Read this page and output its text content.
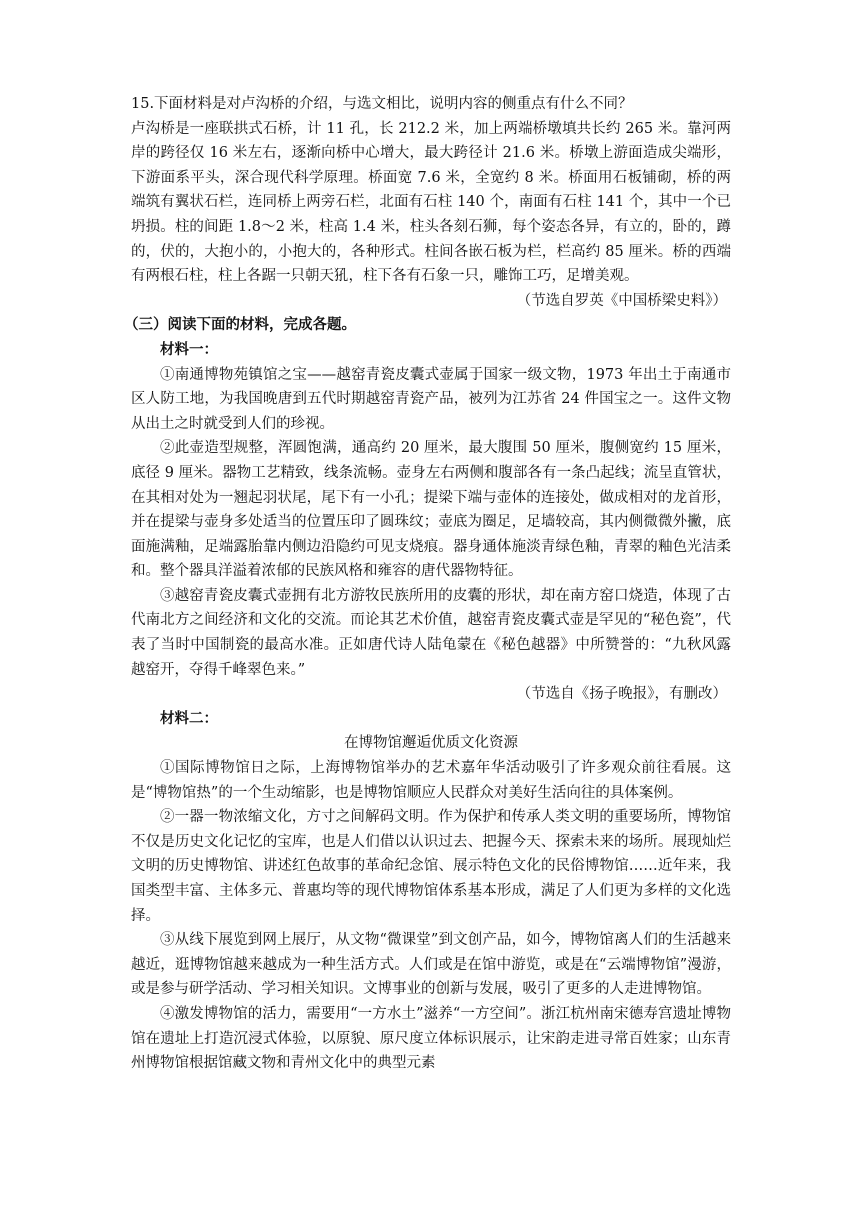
15.下面材料是对卢沟桥的介绍，与选文相比，说明内容的侧重点有什么不同？

卢沟桥是一座联拱式石桥，计 11 孔，长 212.2 米，加上两端桥墩填共长约 265 米。靠河两岸的跨径仅 16 米左右，逐渐向桥中心增大，最大跨径计 21.6 米。桥墩上游面造成尖端形，下游面系平头，深合现代科学原理。桥面宽 7.6 米，全宽约 8 米。桥面用石板铺砌，桥的两端筑有翼状石栏，连同桥上两旁石栏，北面有石柱 140 个，南面有石柱 141 个，其中一个已坍损。柱的间距 1.8～2 米，柱高 1.4 米，柱头各刻石狮，每个姿态各异，有立的，卧的，蹲的，伏的，大抱小的，小抱大的，各种形式。柱间各嵌石板为栏，栏高约 85 厘米。桥的西端有两根石柱，柱上各踞一只朝天犼，柱下各有石象一只，雕饰工巧，足增美观。

（节选自罗英《中国桥梁史料》）

（三）阅读下面的材料，完成各题。

材料一：

①南通博物苑镇馆之宝——越窑青瓷皮囊式壶属于国家一级文物，1973 年出土于南通市区人防工地，为我国晚唐到五代时期越窑青瓷产品，被列为江苏省 24 件国宝之一。这件文物从出土之时就受到人们的珍视。

②此壶造型规整，浑圆饱满，通高约 20 厘米，最大腹围 50 厘米，腹侧宽约 15 厘米，底径 9 厘米。器物工艺精致，线条流畅。壶身左右两侧和腹部各有一条凸起线；流呈直管状，在其相对处为一翘起羽状尾，尾下有一小孔；提梁下端与壶体的连接处，做成相对的龙首形，并在提梁与壶身多处适当的位置压印了圆珠纹；壶底为圈足，足墙较高，其内侧微微外撇，底面施满釉，足端露胎靠内侧边沿隐约可见支烧痕。器身通体施淡青绿色釉，青翠的釉色光洁柔和。整个器具洋溢着浓郁的民族风格和雍容的唐代器物特征。

③越窑青瓷皮囊式壶拥有北方游牧民族所用的皮囊的形状，却在南方窑口烧造，体现了古代南北方之间经济和文化的交流。而论其艺术价值，越窑青瓷皮囊式壶是罕见的“秘色瓷”，代表了当时中国制瓷的最高水准。正如唐代诗人陆龟蒙在《秘色越器》中所赞誉的：“九秋风露越窑开，夺得千峰翠色来。”

（节选自《扬子晚报》，有删改）

材料二：

在博物馆邂逅优质文化资源

①国际博物馆日之际，上海博物馆举办的艺术嘉年华活动吸引了许多观众前往看展。这是“博物馆热”的一个生动缩影，也是博物馆顺应人民群众对美好生活向往的具体案例。

②一器一物浓缩文化，方寸之间解码文明。作为保护和传承人类文明的重要场所，博物馆不仅是历史文化记忆的宝库，也是人们借以认识过去、把握今天、探索未来的场所。展现灿烂文明的历史博物馆、讲述红色故事的革命纪念馆、展示特色文化的民俗博物馆……近年来，我国类型丰富、主体多元、普惠均等的现代博物馆体系基本形成，满足了人们更为多样的文化选择。

③从线下展览到网上展厅，从文物“微课堂”到文创产品，如今，博物馆离人们的生活越来越近，逛博物馆越来越成为一种生活方式。人们或是在馆中游览，或是在“云端博物馆”漫游，或是参与研学活动、学习相关知识。文博事业的创新与发展，吸引了更多的人走进博物馆。

④激发博物馆的活力，需要用“一方水土”滋养“一方空间”。浙江杭州南宋德寿宫遗址博物馆在遗址上打造沉浸式体验，以原貌、原尺度立体标识展示，让宋韵走进寻常百姓家；山东青州博物馆根据馆藏文物和青州文化中的典型元素
